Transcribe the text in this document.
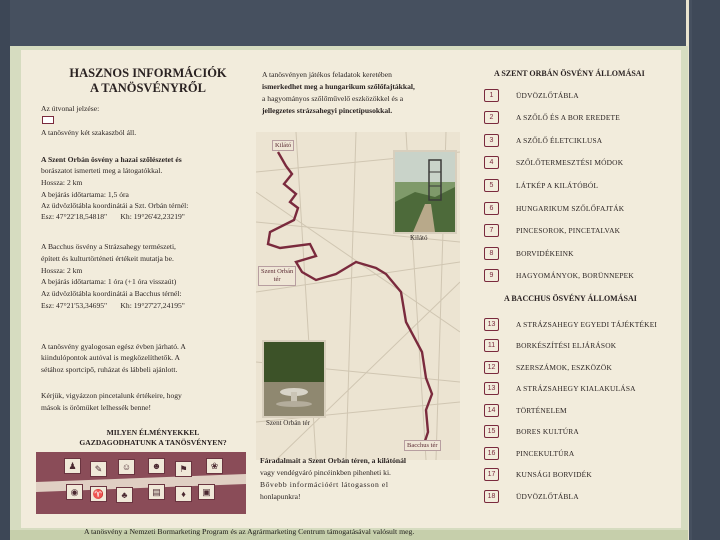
HASZNOS INFORMÁCIÓK
A TANÖSVÉNYRŐL
Az útvonal jelzése:
A tanösvény két szakaszból áll.
A Szent Orbán ösvény a hazai szőlészetet és
borászatot ismerteti meg a látogatókkal.
Hossza: 2 km
A bejárás időtartama: 1,5 óra
Az üdvözlőtábla koordinátái a Szt. Orbán térnél:
Esz: 47°22'18,54818"       Kh: 19°26'42,23219"
A Bacchus ösvény a Strázsahegy természeti,
épített és kulturtörténeti értékeit mutatja be.
Hossza: 2 km
A bejárás időtartama: 1 óra (+1 óra visszaút)
Az üdvözlőtábla koordinátái a Bacchus térnél:
Esz: 47°21'53,34695"       Kh: 19°27'27,24195"
A tanösvény gyalogosan egész évben járható. A
kiindulópontok autóval is megközelíthetők. A
sétához sportcipő, ruházat és lábbeli ajánlott.
Kérjük, vigyázzon pincetalunk értékeire, hogy
mások is örömüket lelhessék benne!
MILYEN ÉLMÉNYEKKEL
GAZDAGODHATUNK A TANÖSVÉNYEN?
♟	✎	☺	☻	⚑	❀
◉	♈	♣	▤	♦	▣
A tanösvényen játékos feladatok keretében
ismerkedhet meg a hungarikum szőlőfajtákkal,
a hagyományos szőlőművelő eszközökkel és a
jellegzetes strázsahegyi pincetípusokkal.
Kilátó
Szent Orbán tér
Kilátó
Szent Orbán
tér
Bacchus tér
Fáradalmait a Szent Orbán téren, a kilátónál
vagy vendégváró pincéinkben pihenheti ki.
Bővebb információért látogasson el
honlapunkra!
A SZENT ORBÁN ÖSVÉNY ÁLLOMÁSAI
1	ÜDVÖZLŐTÁBLA
2	A SZŐLŐ ÉS A BOR EREDETE
3	A SZŐLŐ ÉLETCIKLUSA
4	SZŐLŐTERMESZTÉSI MÓDOK
5	LÁTKÉP A KILÁTÓBÓL
6	HUNGARIKUM SZŐLŐFAJTÁK
7	PINCESOROK, PINCETALVAK
8	BORVIDÉKEINK
9	HAGYOMÁNYOK, BORÜNNEPEK
A BACCHUS ÖSVÉNY ÁLLOMÁSAI
13	A STRÁZSAHEGY EGYEDI TÁJÉKTÉKEI
11	BORKÉSZÍTÉSI ELJÁRÁSOK
12	SZERSZÁMOK, ESZKÖZÖK
13	A STRÁZSAHEGY KIALAKULÁSA
14	TÖRTÉNELEM
15	BORES KULTÚRA
16	PINCEKULTÚRA
17	KUNSÁGI BORVIDÉK
18	ÜDVÖZLŐTÁBLA
A tanösvény a Nemzeti Bormarketing Program és az Agrármarketing Centrum támogatásával valósult meg.
